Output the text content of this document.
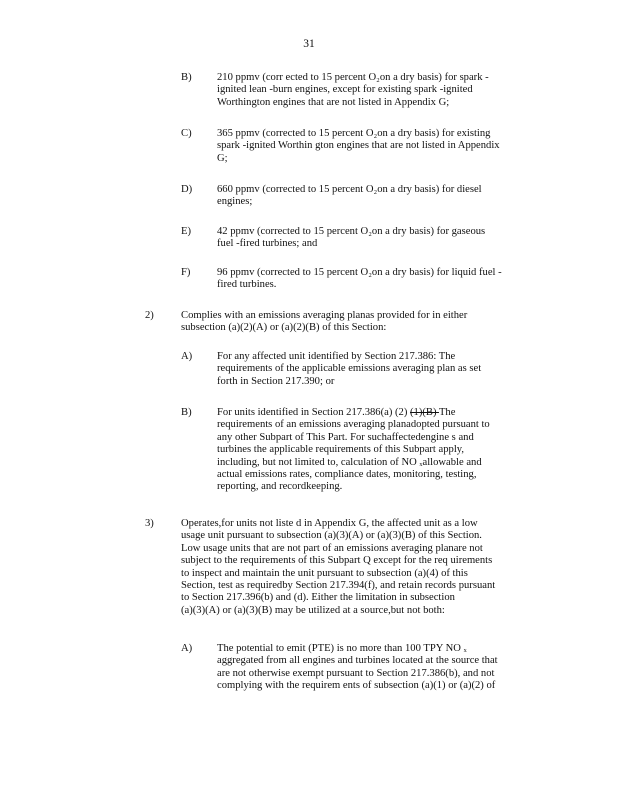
31
B) 210 ppmv (corr ected to 15 percent O₂on a dry basis) for spark -

ignited lean -burn engines, except for existing spark -ignited

Worthington engines that are not listed in Appendix G;

C) 365 ppmv (corrected to 15 percent O₂on a dry basis) for existing

spark -ignited Worthin gton engines that are not listed in Appendix

G;

D) 660 ppmv (corrected to 15 percent O₂on a dry basis) for diesel

engines;

E) 42 ppmv (corrected to 15 percent O₂on a dry basis) for gaseous

fuel -fired turbines; and

F)	96 ppmv (corrected to 15 percent O₂on a dry basis) for liquid fuel -

fired turbines.

2)	Complies with an emissions averaging planas provided for in either

subsection (a)(2)(A) or (a)(2)(B) of this Section:

A) For any affected unit identified by Section 217.386: The

requirements of the applicable emissions averaging plan as set

forth in Section 217.390; or

B) For units identified in Section 217.386(a) (2) (1)(B) The

requirements of an emissions averaging planadopted pursuant to

any other Subpart of This Part. For suchaffectedengine s and

turbines the applicable requirements of this Subpart apply,

including, but not limited to, calculation of NO ₓallowable and

actual emissions rates, compliance dates, monitoring, testing,

reporting, and recordkeeping.

3)	Operates,for units not liste d in Appendix G, the affected unit as a low

usage unit pursuant to subsection (a)(3)(A) or (a)(3)(B) of this Section.

Low usage units that are not part of an emissions averaging planare not

subject to the requirements of this Subpart Q except for the req uirements

to inspect and maintain the unit pursuant to subsection (a)(4) of this

Section, test as requiredby Section 217.394(f), and retain records pursuant

to Section 217.396(b) and (d). Either the limitation in subsection

(a)(3)(A) or (a)(3)(B) may be utilized at a source,but not both:

A) The potential to emit (PTE) is no more than 100 TPY NO ₓ

aggregated from all engines and turbines located at the source that

are not otherwise exempt pursuant to Section 217.386(b), and not

complying with the requirem ents of subsection (a)(1) or (a)(2) of
